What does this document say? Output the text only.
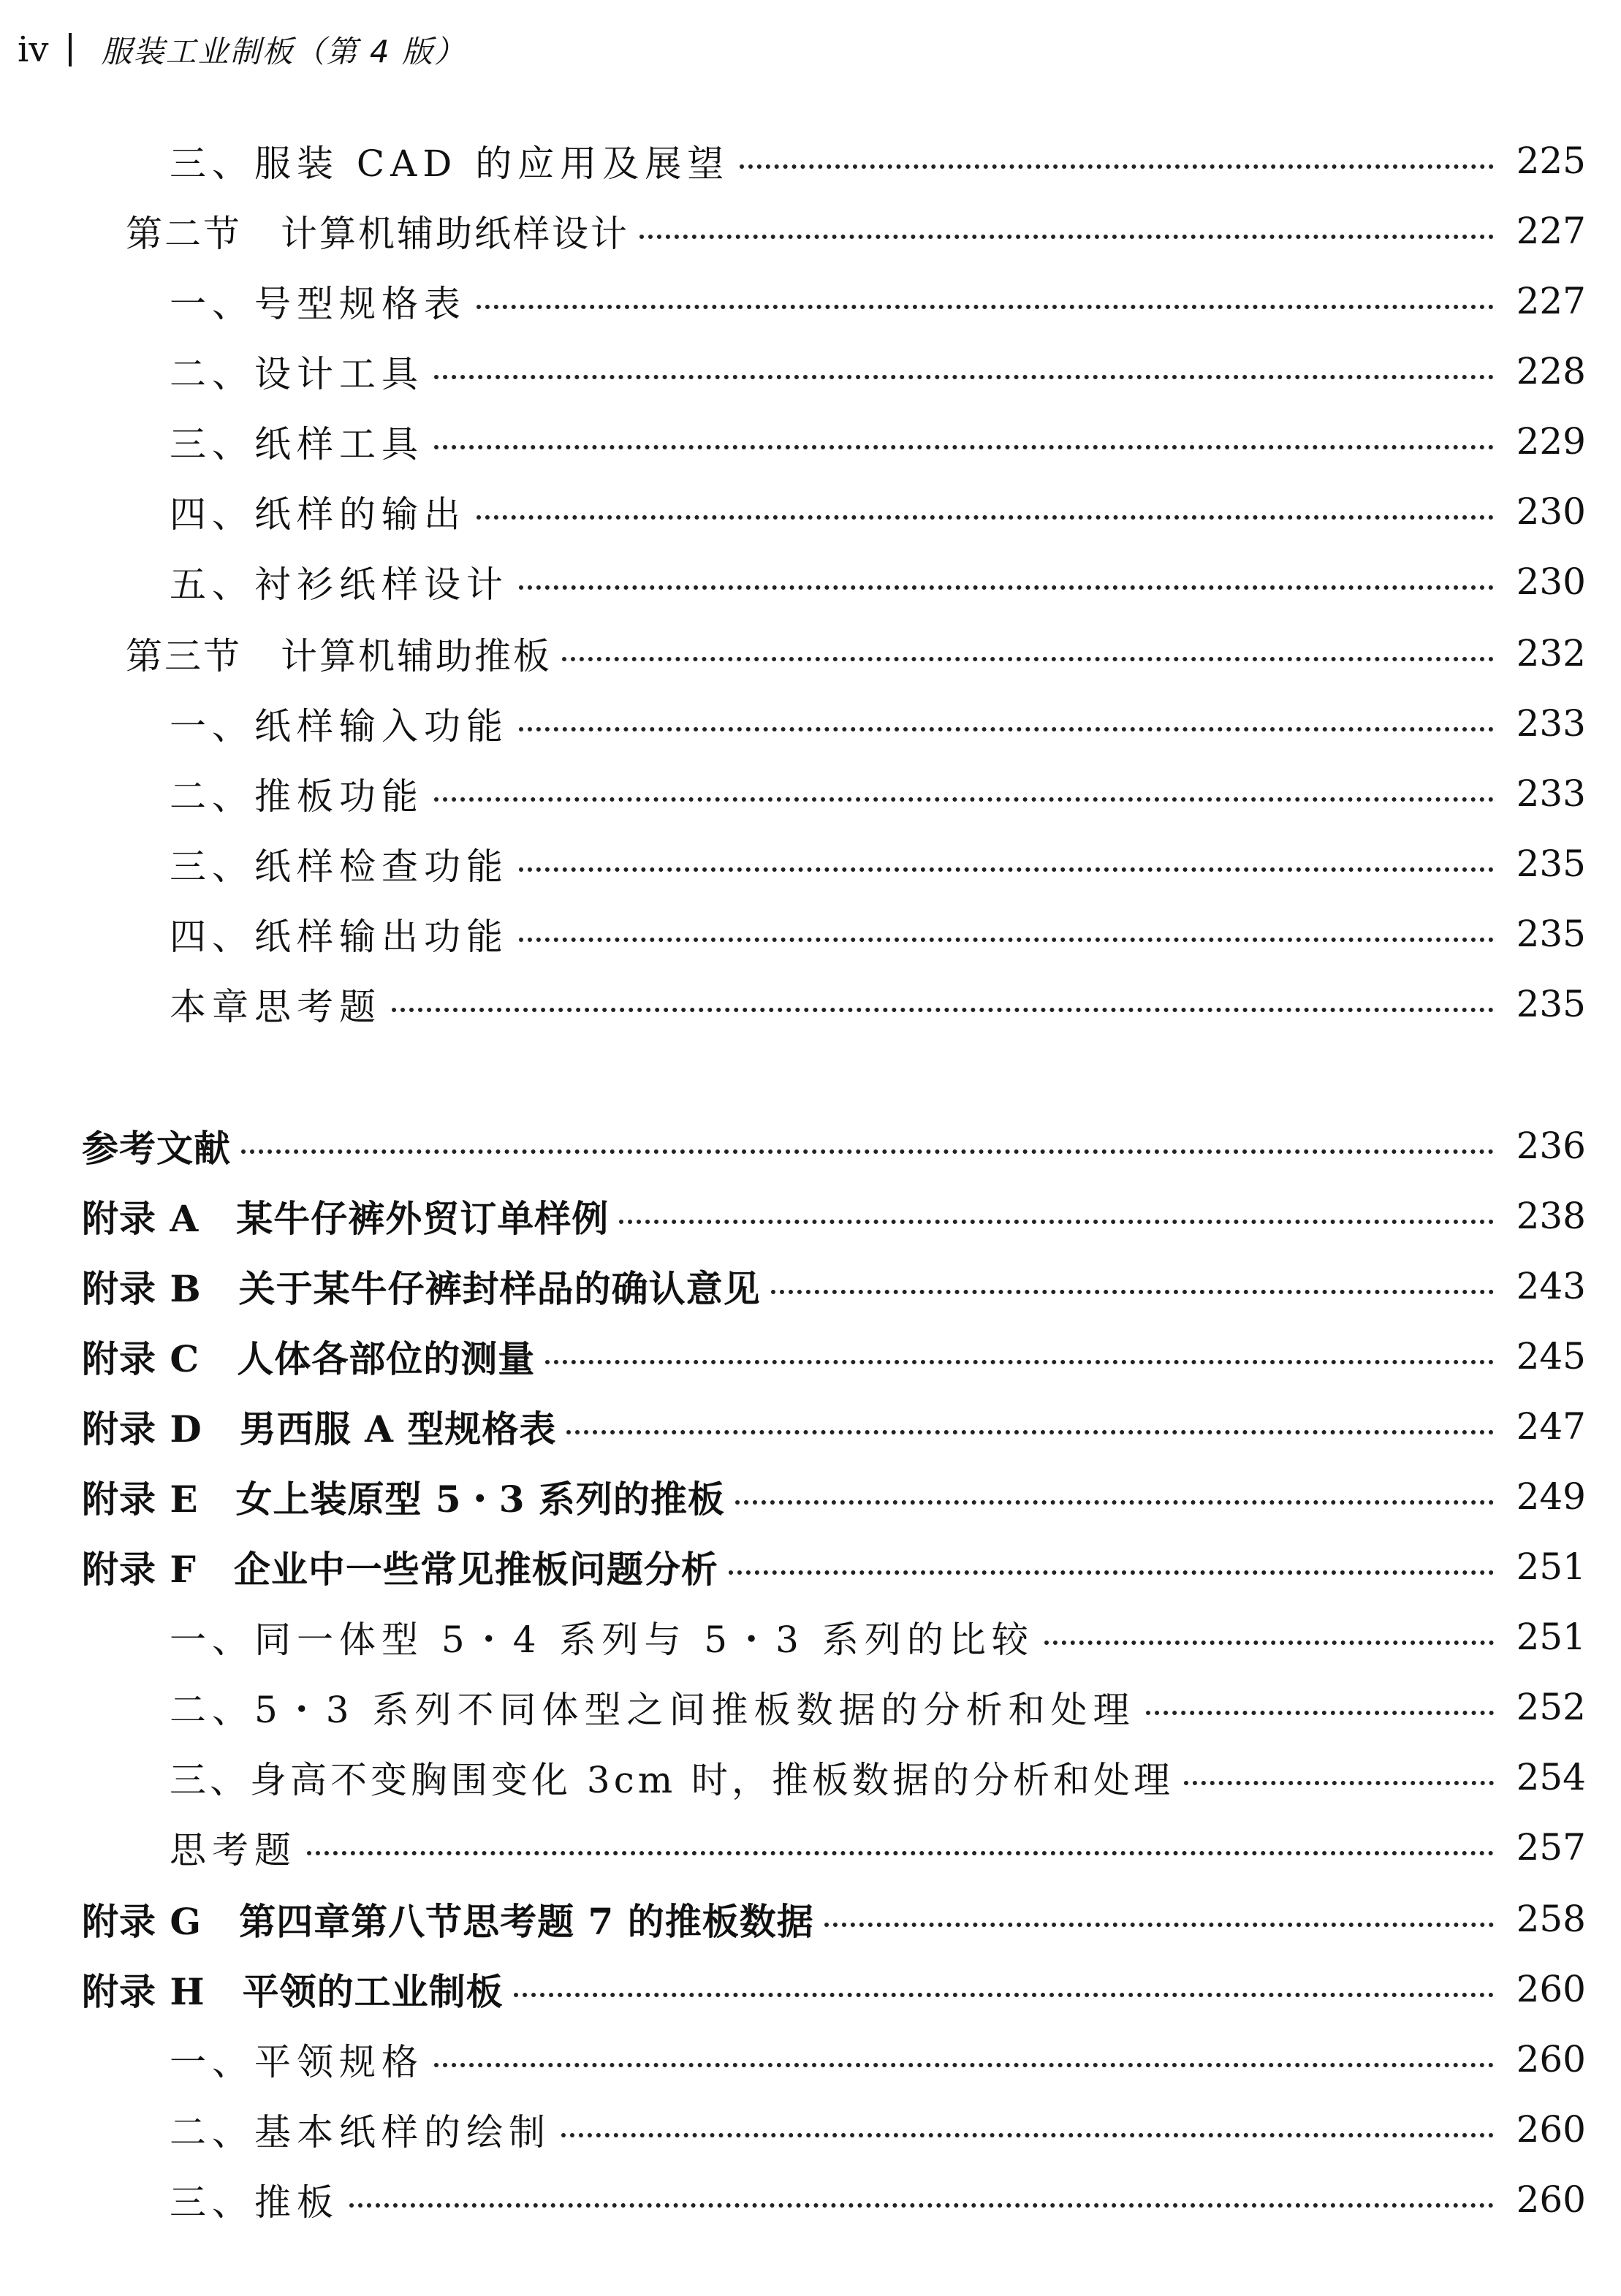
iv 服装工业制板（第 4 版）
三、服装 CAD 的应用及展望	225
第二节　计算机辅助纸样设计	227
一、号型规格表	227
二、设计工具	228
三、纸样工具	229
四、纸样的输出	230
五、衬衫纸样设计	230
第三节　计算机辅助推板	232
一、纸样输入功能	233
二、推板功能	233
三、纸样检查功能	235
四、纸样输出功能	235
本章思考题	235
参考文献	236
附录 A　某牛仔裤外贸订单样例	238
附录 B　关于某牛仔裤封样品的确认意见	243
附录 C　人体各部位的测量	245
附录 D　男西服 A 型规格表	247
附录 E　女上装原型 5・3 系列的推板	249
附录 F　企业中一些常见推板问题分析	251
一、同一体型 5・4 系列与 5・3 系列的比较	251
二、5・3 系列不同体型之间推板数据的分析和处理	252
三、身高不变胸围变化 3cm 时，推板数据的分析和处理	254
思考题	257
附录 G　第四章第八节思考题 7 的推板数据	258
附录 H　平领的工业制板	260
一、平领规格	260
二、基本纸样的绘制	260
三、推板	260
